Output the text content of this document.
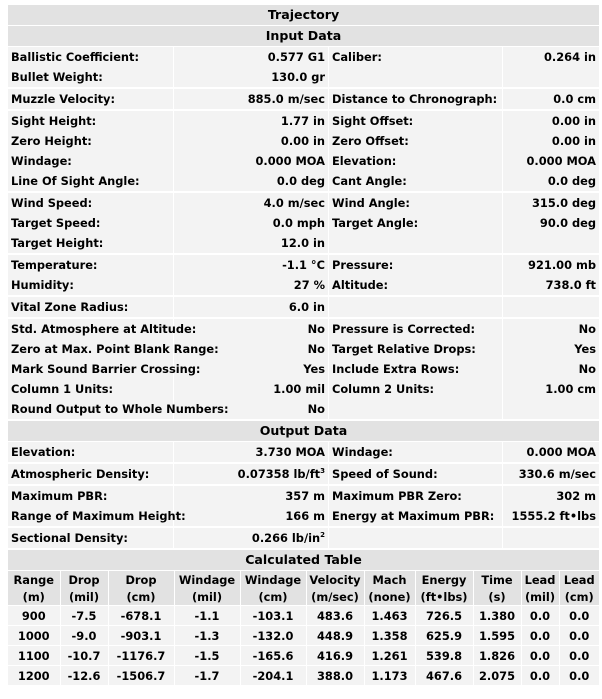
Trajectory
Input Data
Ballistic Coefficient:	0.577 G1 Caliber:	0.264 in
Bullet Weight:	130.0 gr
Muzzle Velocity:	885.0 m/sec Distance to Chronograph:	0.0 cm
Sight Height:	1.77 in Sight Offset:	0.00 in
Zero Height:	0.00 in Zero Offset:	0.00 in
Windage:	0.000 MOA Elevation:	0.000 MOA
Line Of Sight Angle:	0.0 deg Cant Angle:	0.0 deg
Wind Speed:	4.0 m/sec Wind Angle:	315.0 deg
Target Speed:	0.0 mph Target Angle:	90.0 deg
Target Height:	12.0 in
Temperature:	-1.1 °C Pressure:	921.00 mb
Humidity:	27 % Altitude:	738.0 ft
Vital Zone Radius:	6.0 in
Std. Atmosphere at Altitude:	No Pressure is Corrected:	No
Zero at Max. Point Blank Range:	No Target Relative Drops:	Yes
Mark Sound Barrier Crossing:	Yes Include Extra Rows:	No
Column 1 Units:	1.00 mil Column 2 Units:	1.00 cm
Round Output to Whole Numbers:	No
Output Data
Elevation:	3.730 MOA Windage:	0.000 MOA
Atmospheric Density:	0.07358 $lb/ft^3$ Speed of Sound:	330.6 m/sec
Maximum PBR:	357 m Maximum PBR Zero:	302 m
Range of Maximum Height:	166 m Energy at Maximum PBR:	1555.2 ft•lbs
Sectional Density:	0.266 $lb/in^2$
Calculated Table
Range	Drop	Drop	Windage	Windage	Velocity	Mach	Energy	Time	Lead	Lead
(m)	(mil)	(cm)	(mil)	(cm)	(m/sec)	(none)	(ft•lbs)	(s)	(mil)	(cm)
900	-7.5	-678.1	-1.1	-103.1	483.6	1.463	726.5	1.380	0.0	0.0
1000	-9.0	-903.1	-1.3	-132.0	448.9	1.358	625.9	1.595	0.0	0.0
1100	-10.7	-1176.7	-1.5	-165.6	416.9	1.261	539.8	1.826	0.0	0.0
1200	-12.6	-1506.7	-1.7	-204.1	388.0	1.173	467.6	2.075	0.0	0.0
